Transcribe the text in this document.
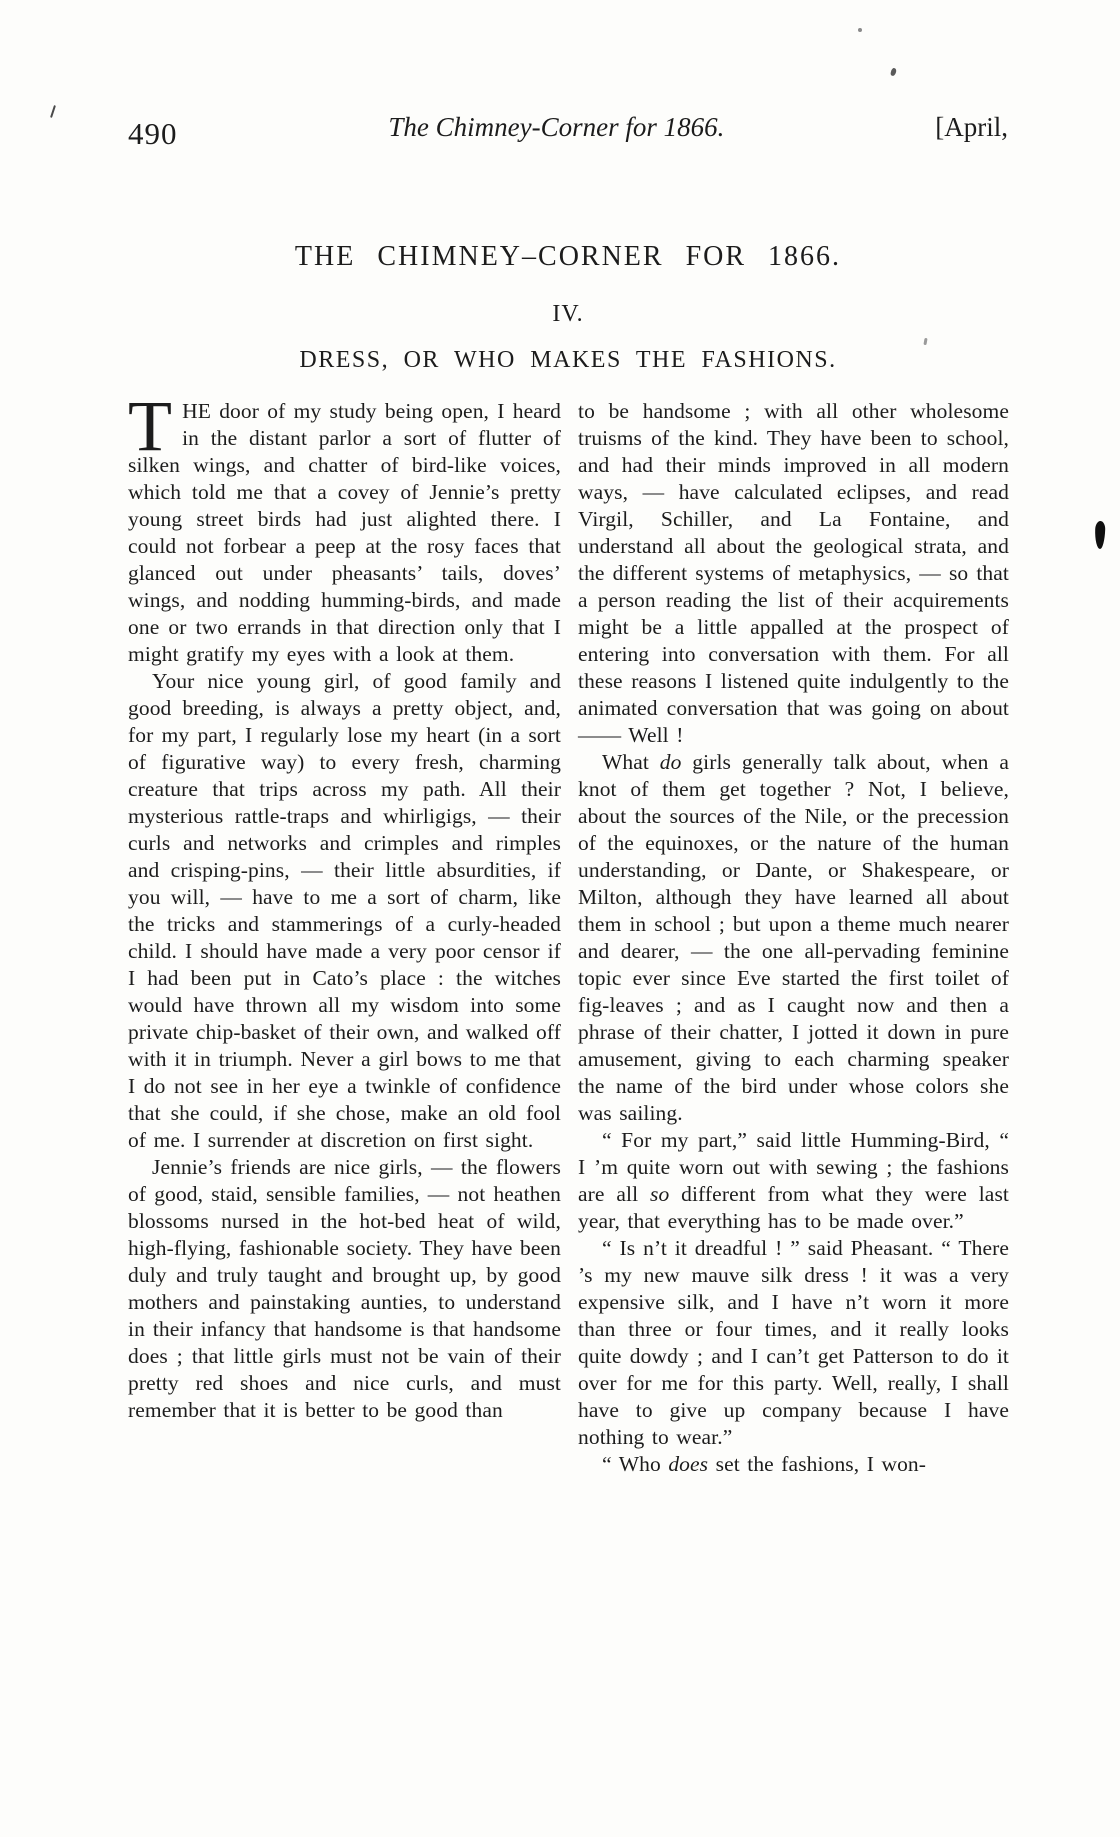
490	The Chimney-Corner for 1866.	[April,
THE CHIMNEY–CORNER FOR 1866.
IV.
DRESS, OR WHO MAKES THE FASHIONS.

THE door of my study being open, I heard in the distant parlor a sort of flutter of silken wings, and chatter of bird-like voices, which told me that a covey of Jennie’s pretty young street birds had just alighted there. I could not forbear a peep at the rosy faces that glanced out under pheasants’ tails, doves’ wings, and nodding humming-birds, and made one or two errands in that direction only that I might gratify my eyes with a look at them.

Your nice young girl, of good family and good breeding, is always a pretty object, and, for my part, I regularly lose my heart (in a sort of figurative way) to every fresh, charming creature that trips across my path. All their mysterious rattle-traps and whirligigs, — their curls and networks and crimples and rimples and crisping-pins, — their little absurdities, if you will, — have to me a sort of charm, like the tricks and stammerings of a curly-headed child. I should have made a very poor censor if I had been put in Cato’s place : the witches would have thrown all my wisdom into some private chip-basket of their own, and walked off with it in triumph. Never a girl bows to me that I do not see in her eye a twinkle of confidence that she could, if she chose, make an old fool of me. I surrender at discretion on first sight.

Jennie’s friends are nice girls, — the flowers of good, staid, sensible families, — not heathen blossoms nursed in the hot-bed heat of wild, high-flying, fashionable society. They have been duly and truly taught and brought up, by good mothers and painstaking aunties, to understand in their infancy that handsome is that handsome does ; that little girls must not be vain of their pretty red shoes and nice curls, and must remember that it is better to be good than

to be handsome ; with all other wholesome truisms of the kind. They have been to school, and had their minds improved in all modern ways, — have calculated eclipses, and read Virgil, Schiller, and La Fontaine, and understand all about the geological strata, and the different systems of metaphysics, — so that a person reading the list of their acquirements might be a little appalled at the prospect of entering into conversation with them. For all these reasons I listened quite indulgently to the animated conversation that was going on about —— Well !

What do girls generally talk about, when a knot of them get together ? Not, I believe, about the sources of the Nile, or the precession of the equinoxes, or the nature of the human understanding, or Dante, or Shakespeare, or Milton, although they have learned all about them in school ; but upon a theme much nearer and dearer, — the one all-pervading feminine topic ever since Eve started the first toilet of fig-leaves ; and as I caught now and then a phrase of their chatter, I jotted it down in pure amusement, giving to each charming speaker the name of the bird under whose colors she was sailing.

“ For my part,” said little Humming-Bird, “ I ’m quite worn out with sewing ; the fashions are all so different from what they were last year, that everything has to be made over.”

“ Is n’t it dreadful ! ” said Pheasant. “ There ’s my new mauve silk dress ! it was a very expensive silk, and I have n’t worn it more than three or four times, and it really looks quite dowdy ; and I can’t get Patterson to do it over for me for this party. Well, really, I shall have to give up company because I have nothing to wear.”

“ Who does set the fashions, I won-
